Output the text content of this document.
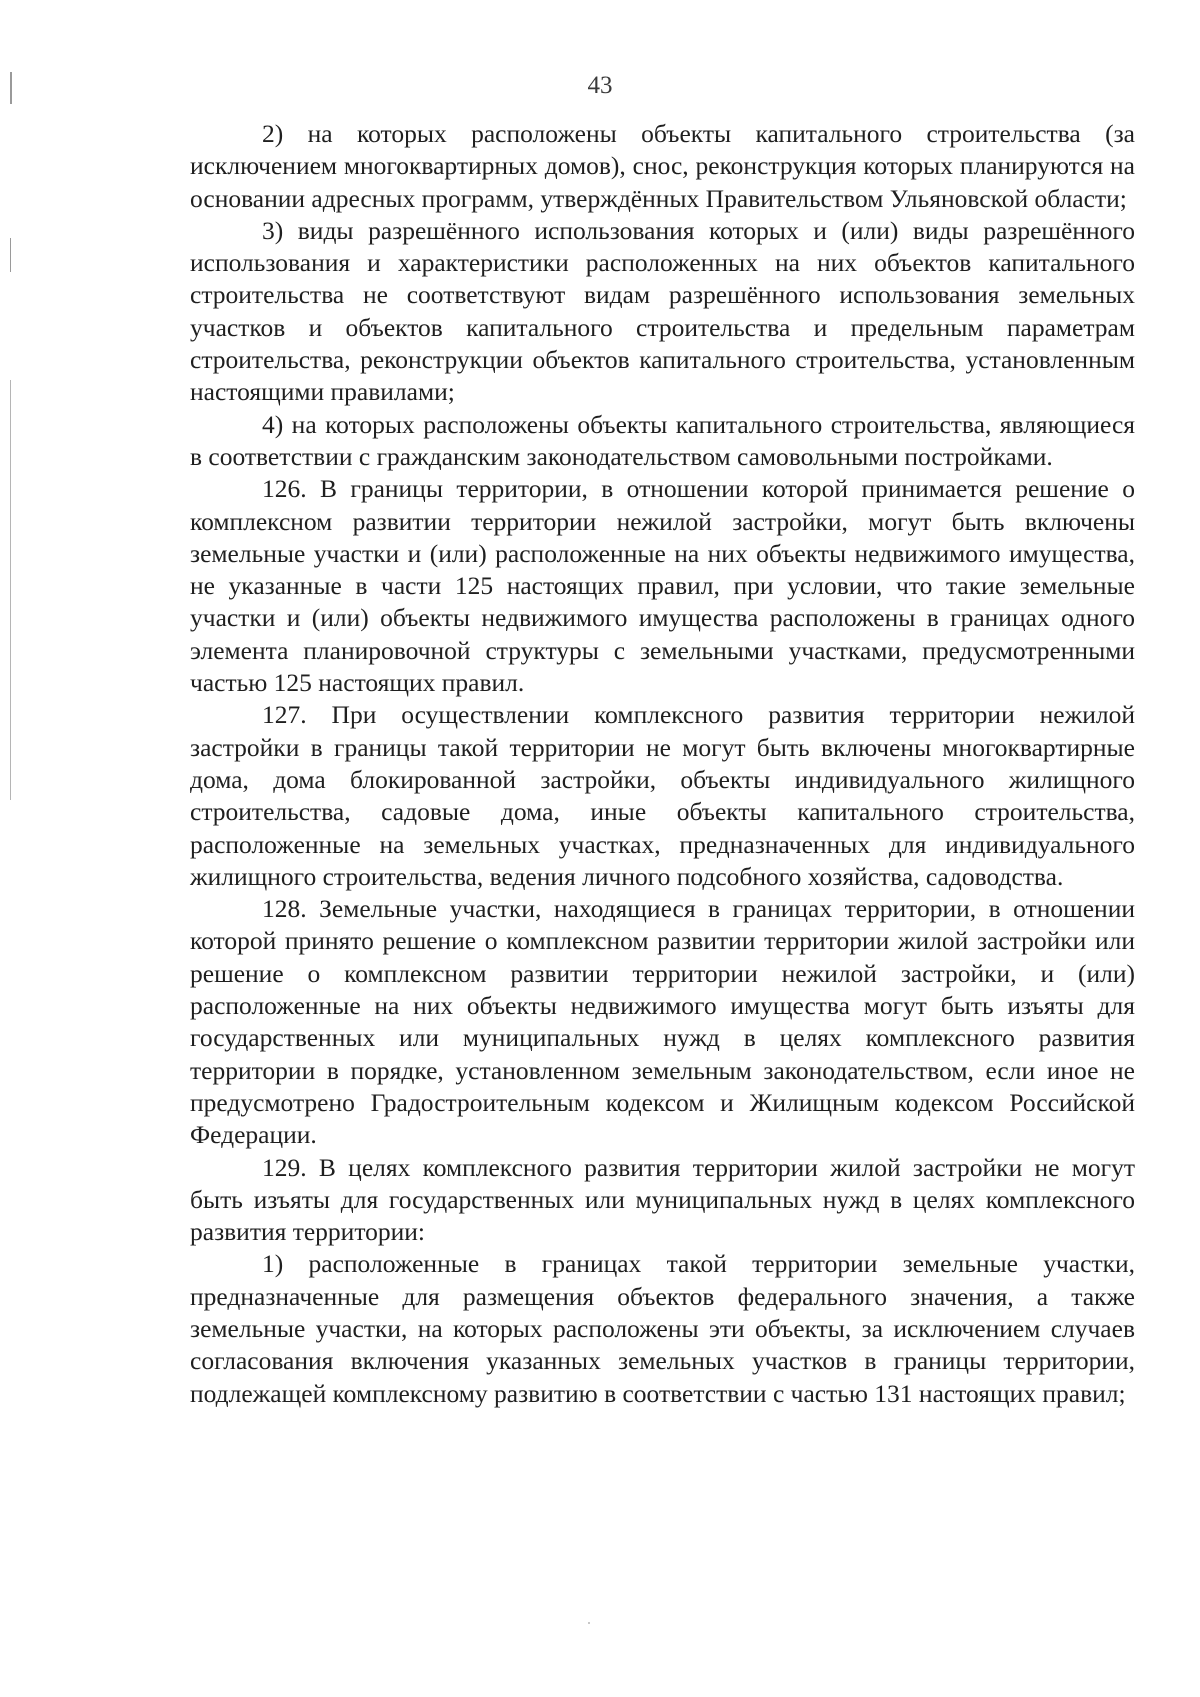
43

2) на которых расположены объекты капитального строительства (за исключением многоквартирных домов), снос, реконструкция которых планируются на основании адресных программ, утверждённых Правительством Ульяновской области;

3) виды разрешённого использования которых и (или) виды разрешённого использования и характеристики расположенных на них объектов капитального строительства не соответствуют видам разрешённого использования земельных участков и объектов капитального строительства и предельным параметрам строительства, реконструкции объектов капитального строительства, установленным настоящими правилами;

4) на которых расположены объекты капитального строительства, являющиеся в соответствии с гражданским законодательством самовольными постройками.

126. В границы территории, в отношении которой принимается решение о комплексном развитии территории нежилой застройки, могут быть включены земельные участки и (или) расположенные на них объекты недвижимого имущества, не указанные в части 125 настоящих правил, при условии, что такие земельные участки и (или) объекты недвижимого имущества расположены в границах одного элемента планировочной структуры с земельными участками, предусмотренными частью 125 настоящих правил.

127. При осуществлении комплексного развития территории нежилой застройки в границы такой территории не могут быть включены многоквартирные дома, дома блокированной застройки, объекты индивидуального жилищного строительства, садовые дома, иные объекты капитального строительства, расположенные на земельных участках, предназначенных для индивидуального жилищного строительства, ведения личного подсобного хозяйства, садоводства.

128. Земельные участки, находящиеся в границах территории, в отношении которой принято решение о комплексном развитии территории жилой застройки или решение о комплексном развитии территории нежилой застройки, и (или) расположенные на них объекты недвижимого имущества могут быть изъяты для государственных или муниципальных нужд в целях комплексного развития территории в порядке, установленном земельным законодательством, если иное не предусмотрено Градостроительным кодексом и Жилищным кодексом Российской Федерации.

129. В целях комплексного развития территории жилой застройки не могут быть изъяты для государственных или муниципальных нужд в целях комплексного развития территории:

1) расположенные в границах такой территории земельные участки, предназначенные для размещения объектов федерального значения, а также земельные участки, на которых расположены эти объекты, за исключением случаев согласования включения указанных земельных участков в границы территории, подлежащей комплексному развитию в соответствии с частью 131 настоящих правил;
